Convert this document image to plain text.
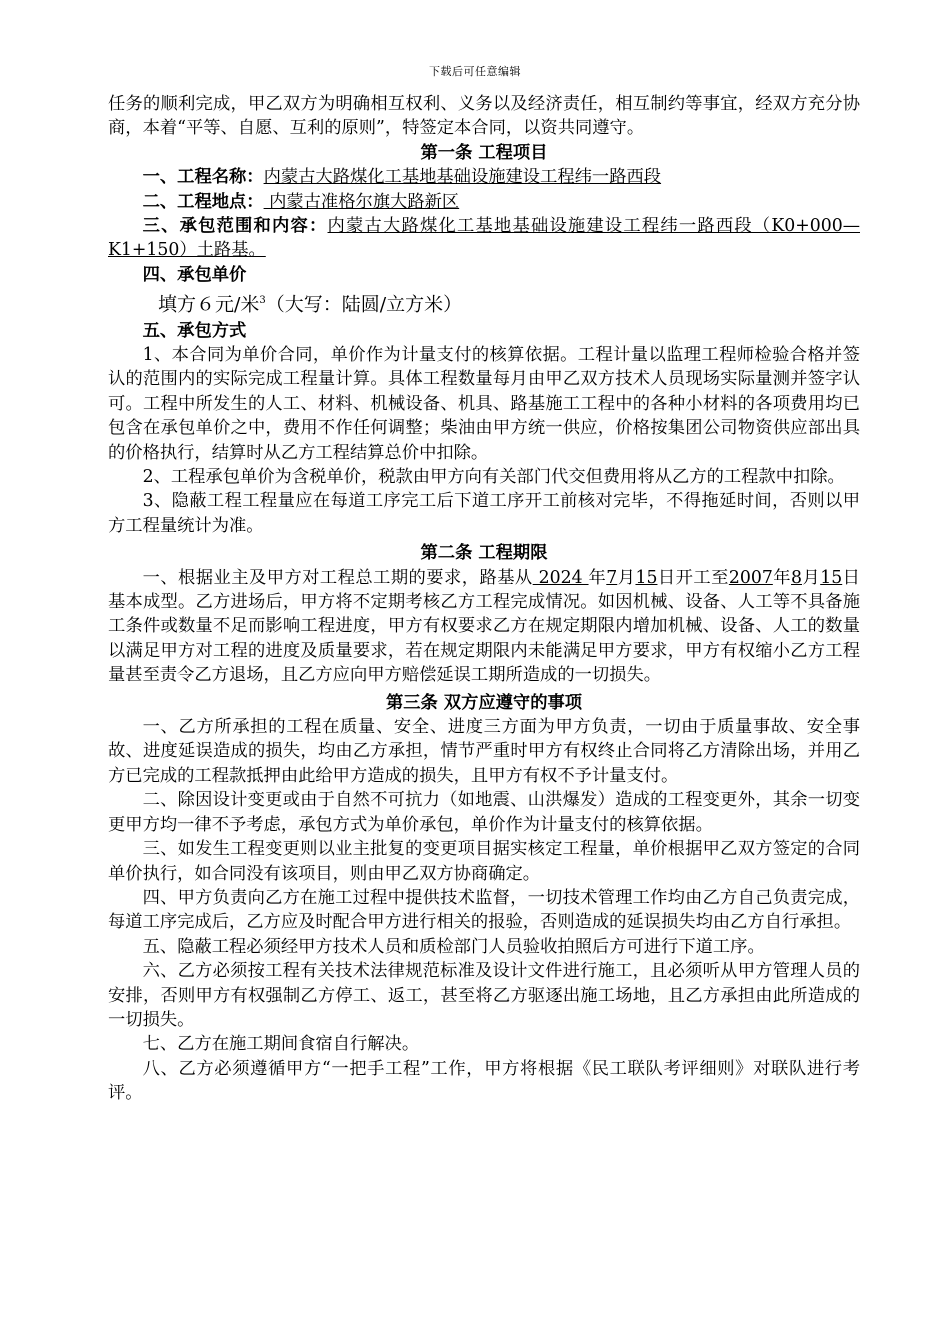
下载后可任意编辑

任务的顺利完成，甲乙双方为明确相互权利、义务以及经济责任，相互制约等事宜，经双方充分协商，本着“平等、自愿、互利的原则”，特签定本合同，以资共同遵守。

第一条 工程项目

一、工程名称：内蒙古大路煤化工基地基础设施建设工程纬一路西段

二、工程地点： 内蒙古准格尔旗大路新区

三、承包范围和内容：内蒙古大路煤化工基地基础设施建设工程纬一路西段（K0+000—K1+150）土路基。

四、承包单价

填方６元/米$^3$（大写：陆圆/立方米）

五、承包方式

1、本合同为单价合同，单价作为计量支付的核算依据。工程计量以监理工程师检验合格并签认的范围内的实际完成工程量计算。具体工程数量每月由甲乙双方技术人员现场实际量测并签字认可。工程中所发生的人工、材料、机械设备、机具、路基施工工程中的各种小材料的各项费用均已包含在承包单价之中，费用不作任何调整；柴油由甲方统一供应，价格按集团公司物资供应部出具的价格执行，结算时从乙方工程结算总价中扣除。

2、工程承包单价为含税单价，税款由甲方向有关部门代交但费用将从乙方的工程款中扣除。

3、隐蔽工程工程量应在每道工序完工后下道工序开工前核对完毕，不得拖延时间，否则以甲方工程量统计为准。

第二条 工程期限

一、根据业主及甲方对工程总工期的要求，路基从 2024 年7月15日开工至2007年8月15日基本成型。乙方进场后，甲方将不定期考核乙方工程完成情况。如因机械、设备、人工等不具备施工条件或数量不足而影响工程进度，甲方有权要求乙方在规定期限内增加机械、设备、人工的数量以满足甲方对工程的进度及质量要求，若在规定期限内未能满足甲方要求，甲方有权缩小乙方工程量甚至责令乙方退场，且乙方应向甲方赔偿延误工期所造成的一切损失。

第三条 双方应遵守的事项

一、乙方所承担的工程在质量、安全、进度三方面为甲方负责，一切由于质量事故、安全事故、进度延误造成的损失，均由乙方承担，情节严重时甲方有权终止合同将乙方清除出场，并用乙方已完成的工程款抵押由此给甲方造成的损失，且甲方有权不予计量支付。

二、除因设计变更或由于自然不可抗力（如地震、山洪爆发）造成的工程变更外，其余一切变更甲方均一律不予考虑，承包方式为单价承包，单价作为计量支付的核算依据。

三、如发生工程变更则以业主批复的变更项目据实核定工程量，单价根据甲乙双方签定的合同单价执行，如合同没有该项目，则由甲乙双方协商确定。

四、甲方负责向乙方在施工过程中提供技术监督，一切技术管理工作均由乙方自己负责完成，每道工序完成后，乙方应及时配合甲方进行相关的报验，否则造成的延误损失均由乙方自行承担。

五、隐蔽工程必须经甲方技术人员和质检部门人员验收拍照后方可进行下道工序。

六、乙方必须按工程有关技术法律规范标准及设计文件进行施工，且必须听从甲方管理人员的安排，否则甲方有权强制乙方停工、返工，甚至将乙方驱逐出施工场地，且乙方承担由此所造成的一切损失。

七、乙方在施工期间食宿自行解决。

八、乙方必须遵循甲方“一把手工程”工作，甲方将根据《民工联队考评细则》对联队进行考评。
